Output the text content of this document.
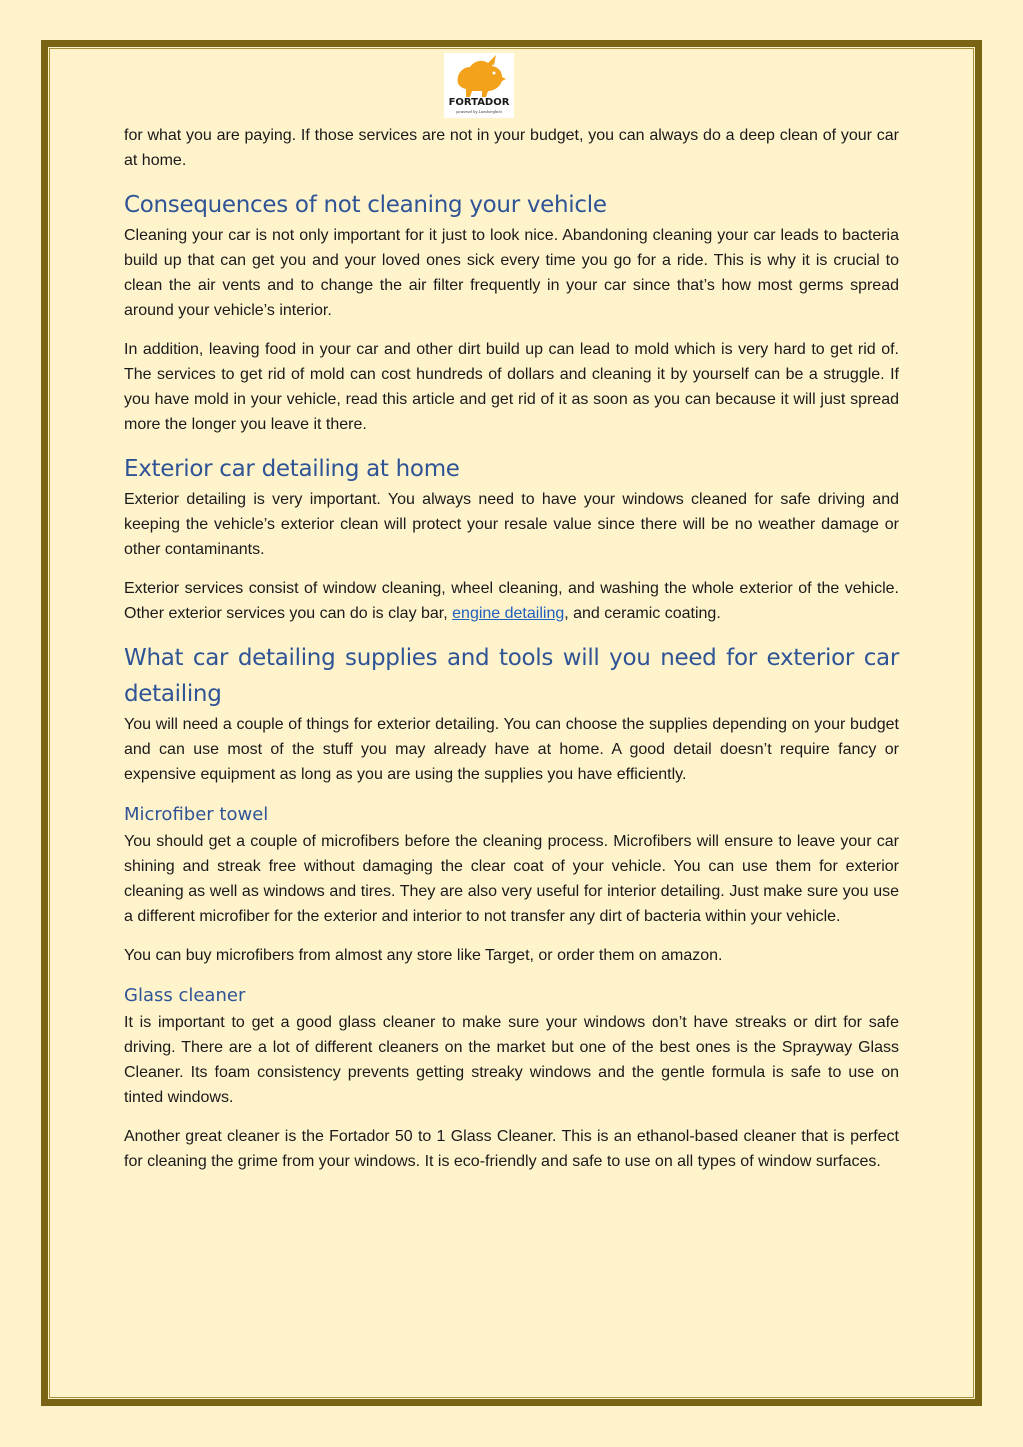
FORTADOR
powered by Lamborghini

for what you are paying. If those services are not in your budget, you can always do a deep clean of your car at home.

Consequences of not cleaning your vehicle

Cleaning your car is not only important for it just to look nice. Abandoning cleaning your car leads to bacteria build up that can get you and your loved ones sick every time you go for a ride. This is why it is crucial to clean the air vents and to change the air filter frequently in your car since that’s how most germs spread around your vehicle’s interior.

In addition, leaving food in your car and other dirt build up can lead to mold which is very hard to get rid of. The services to get rid of mold can cost hundreds of dollars and cleaning it by yourself can be a struggle. If you have mold in your vehicle, read this article and get rid of it as soon as you can because it will just spread more the longer you leave it there.

Exterior car detailing at home

Exterior detailing is very important. You always need to have your windows cleaned for safe driving and keeping the vehicle’s exterior clean will protect your resale value since there will be no weather damage or other contaminants.

Exterior services consist of window cleaning, wheel cleaning, and washing the whole exterior of the vehicle. Other exterior services you can do is clay bar, engine detailing, and ceramic coating.

What car detailing supplies and tools will you need for exterior car detailing

You will need a couple of things for exterior detailing. You can choose the supplies depending on your budget and can use most of the stuff you may already have at home. A good detail doesn’t require fancy or expensive equipment as long as you are using the supplies you have efficiently.

Microfiber towel

You should get a couple of microfibers before the cleaning process. Microfibers will ensure to leave your car shining and streak free without damaging the clear coat of your vehicle. You can use them for exterior cleaning as well as windows and tires. They are also very useful for interior detailing. Just make sure you use a different microfiber for the exterior and interior to not transfer any dirt of bacteria within your vehicle.

You can buy microfibers from almost any store like Target, or order them on amazon.

Glass cleaner

It is important to get a good glass cleaner to make sure your windows don’t have streaks or dirt for safe driving. There are a lot of different cleaners on the market but one of the best ones is the Sprayway Glass Cleaner. Its foam consistency prevents getting streaky windows and the gentle formula is safe to use on tinted windows.

Another great cleaner is the Fortador 50 to 1 Glass Cleaner. This is an ethanol-based cleaner that is perfect for cleaning the grime from your windows. It is eco-friendly and safe to use on all types of window surfaces.
